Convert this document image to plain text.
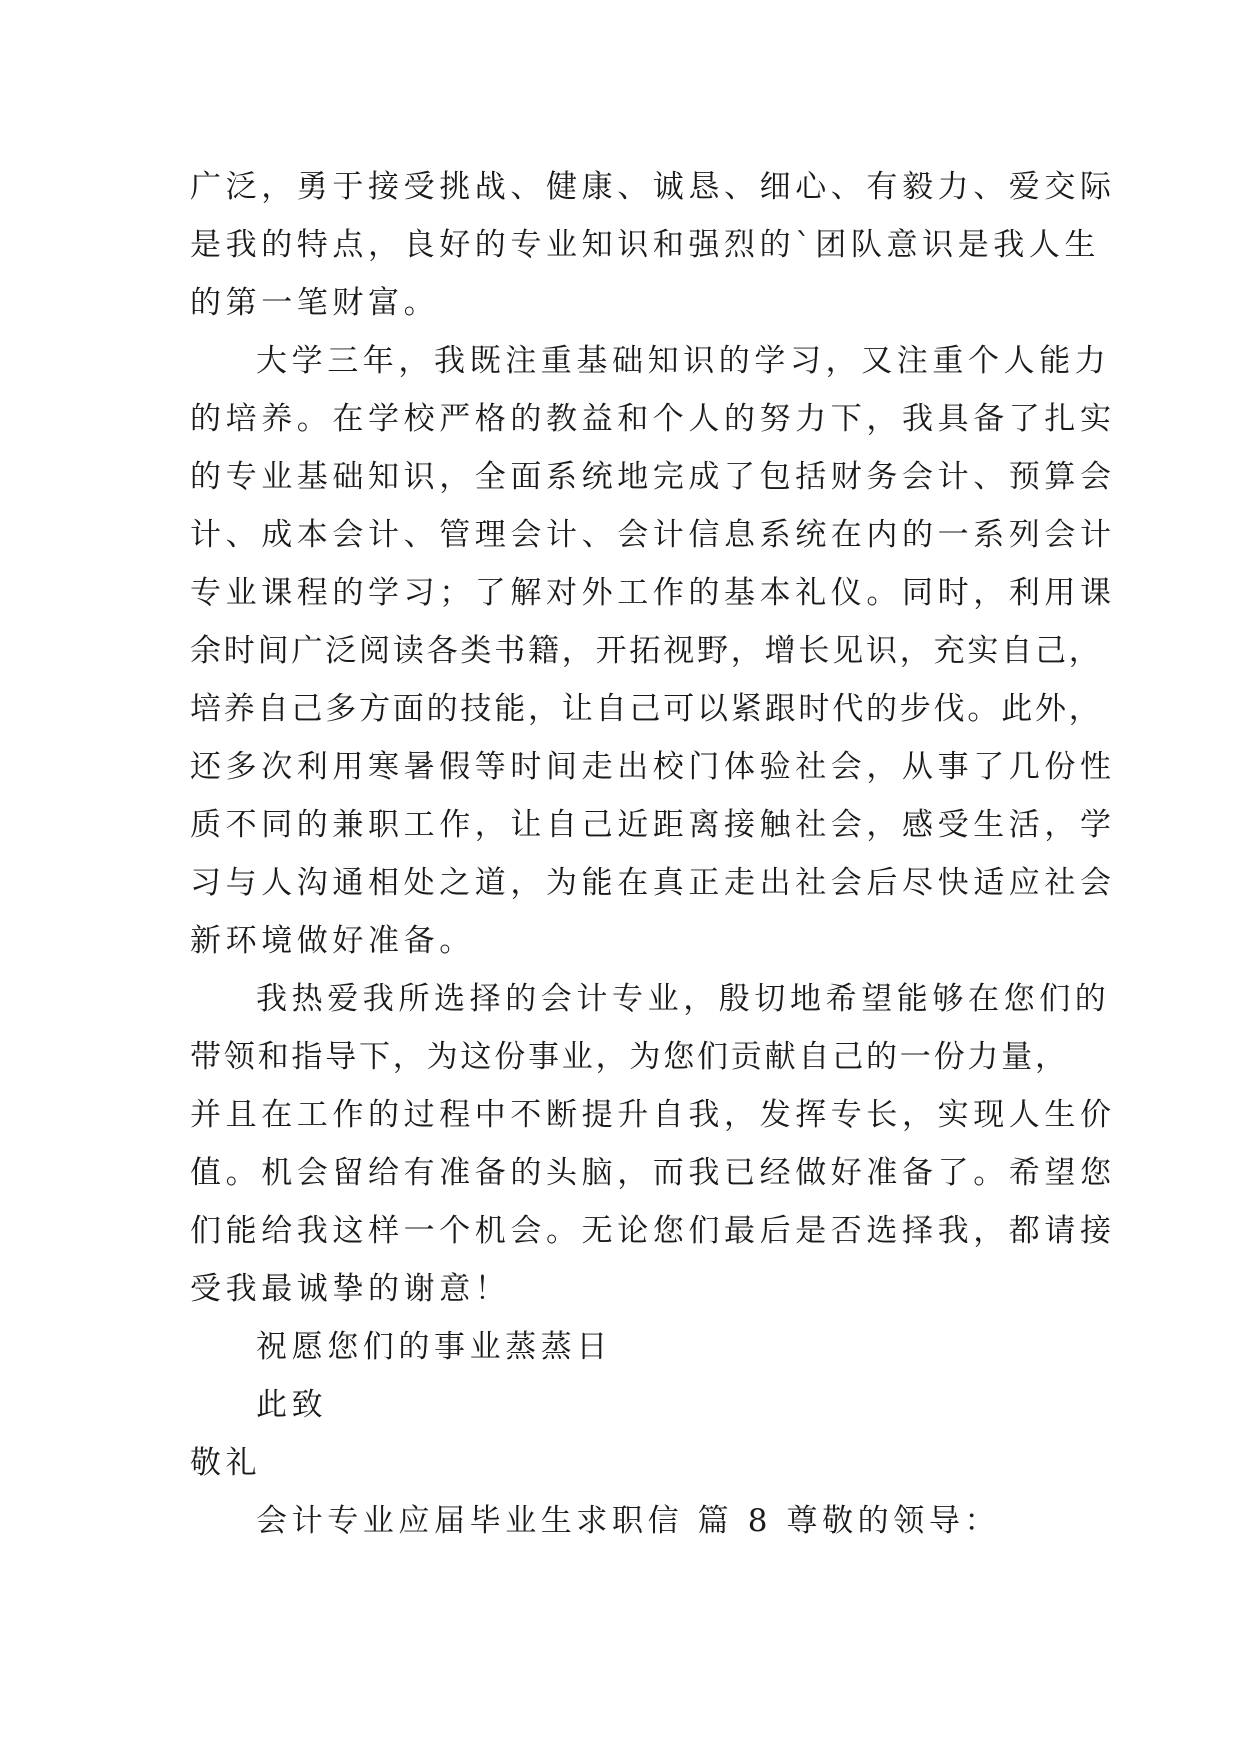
广泛，勇于接受挑战、健康、诚恳、细心、有毅力、爱交际
是我的特点，良好的专业知识和强烈的`团队意识是我人生
的第一笔财富。
大学三年，我既注重基础知识的学习，又注重个人能力
的培养。在学校严格的教益和个人的努力下，我具备了扎实
的专业基础知识，全面系统地完成了包括财务会计、预算会
计、成本会计、管理会计、会计信息系统在内的一系列会计
专业课程的学习；了解对外工作的基本礼仪。同时，利用课
余时间广泛阅读各类书籍，开拓视野，增长见识，充实自己，
培养自己多方面的技能，让自己可以紧跟时代的步伐。此外，
还多次利用寒暑假等时间走出校门体验社会，从事了几份性
质不同的兼职工作，让自己近距离接触社会，感受生活，学
习与人沟通相处之道，为能在真正走出社会后尽快适应社会
新环境做好准备。
我热爱我所选择的会计专业，殷切地希望能够在您们的
带领和指导下，为这份事业，为您们贡献自己的一份力量，
并且在工作的过程中不断提升自我，发挥专长，实现人生价
值。机会留给有准备的头脑，而我已经做好准备了。希望您
们能给我这样一个机会。无论您们最后是否选择我，都请接
受我最诚挚的谢意！
祝愿您们的事业蒸蒸日
此致
敬礼
会计专业应届毕业生求职信 篇 8 尊敬的领导：
